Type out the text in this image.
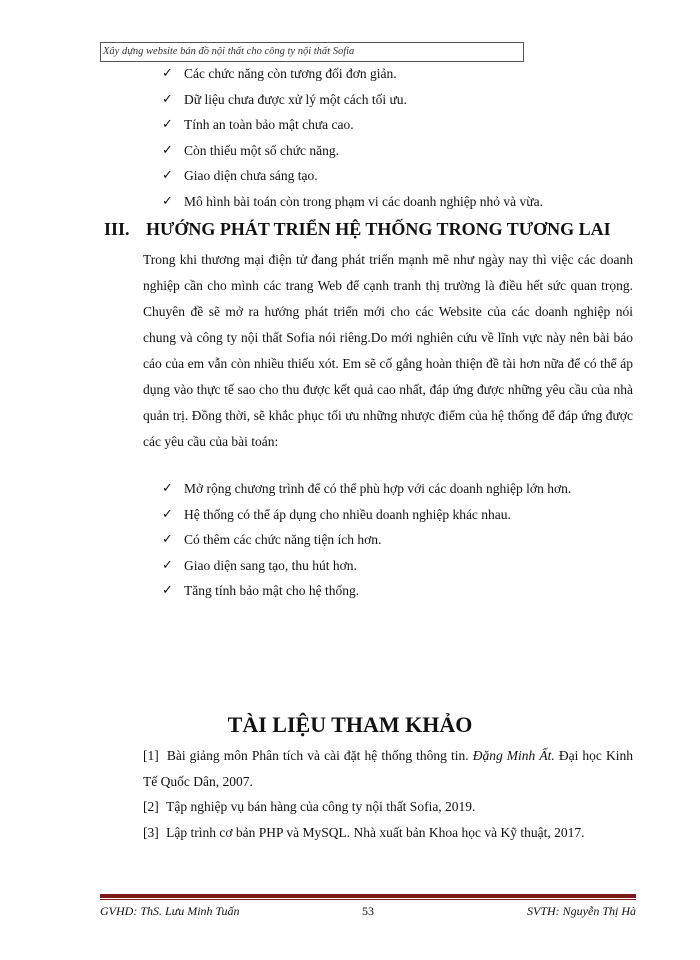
Xây dựng website bán đồ nội thất cho công ty nội thất Sofia
✓ Các chức năng còn tương đối đơn giản.
✓ Dữ liệu chưa được xử lý một cách tối ưu.
✓ Tính an toàn bảo mật chưa cao.
✓ Còn thiếu một số chức năng.
✓ Giao diện chưa sáng tạo.
✓ Mô hình bài toán còn trong phạm vi các doanh nghiệp nhỏ và vừa.
III. HƯỚNG PHÁT TRIỂN HỆ THỐNG TRONG TƯƠNG LAI
Trong khi thương mại điện tử đang phát triển mạnh mẽ như ngày nay thì việc các doanh nghiệp cần cho mình các trang Web để cạnh tranh thị trường là điều hết sức quan trọng. Chuyên đề sẽ mở ra hướng phát triển mới cho các Website của các doanh nghiệp nói chung và công ty nội thất Sofia nói riêng.Do mới nghiên cứu về lĩnh vực này nên bài báo cáo của em vẫn còn nhiều thiếu xót. Em sẽ cố gắng hoàn thiện đề tài hơn nữa để có thể áp dụng vào thực tế sao cho thu được kết quả cao nhất, đáp ứng được những yêu cầu của nhà quản trị. Đồng thời, sẽ khắc phục tối ưu những nhược điểm của hệ thống để đáp ứng được các yêu cầu của bài toán:
✓ Mở rộng chương trình để có thể phù hợp với các doanh nghiệp lớn hơn.
✓ Hệ thống có thể áp dụng cho nhiều doanh nghiệp khác nhau.
✓ Có thêm các chức năng tiện ích hơn.
✓ Giao diện sang tạo, thu hút hơn.
✓ Tăng tính bảo mật cho hệ thống.
TÀI LIỆU THAM KHẢO
[1] Bài giảng môn Phân tích và cài đặt hệ thống thông tin. Đặng Minh Ất. Đại học Kinh Tế Quốc Dân, 2007.
[2] Tập nghiệp vụ bán hàng của công ty nội thất Sofia, 2019.
[3] Lập trình cơ bản PHP và MySQL. Nhà xuất bản Khoa học và Kỹ thuật, 2017.
GVHD: ThS. Lưu Minh Tuấn	53	SVTH: Nguyễn Thị Hà
